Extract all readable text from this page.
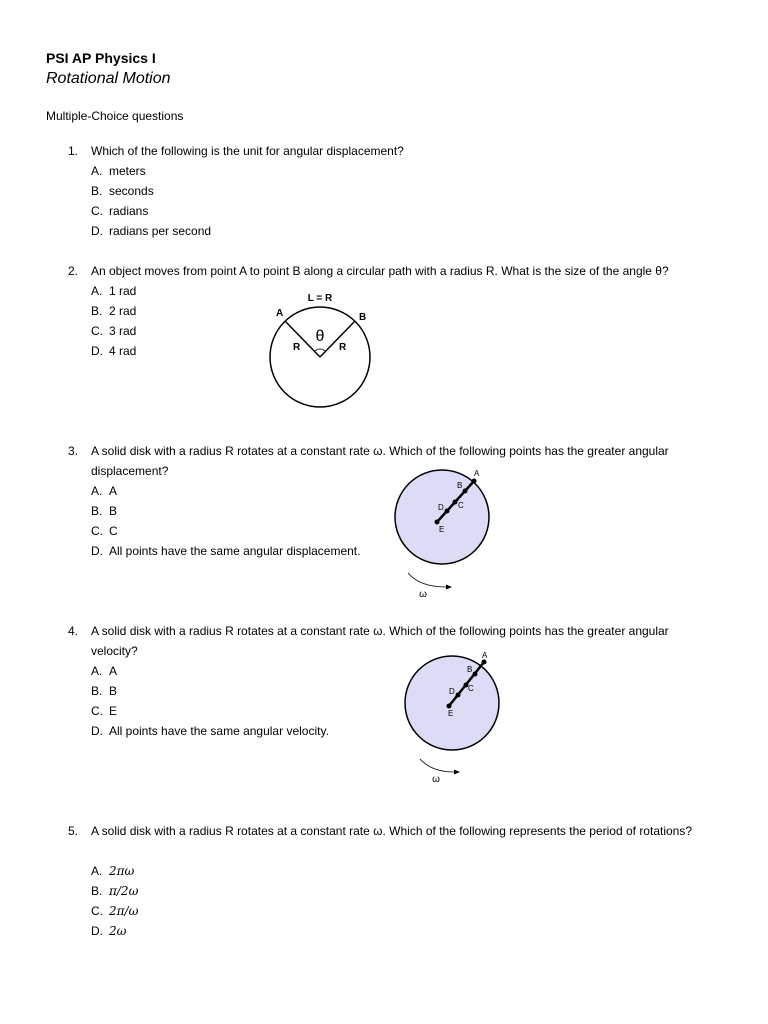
PSI AP Physics I
Rotational Motion
Multiple-Choice questions
1. Which of the following is the unit for angular displacement?
A. meters
B. seconds
C. radians
D. radians per second
2. An object moves from point A to point B along a circular path with a radius R. What is the size of the angle θ?
A. 1 rad
B. 2 rad
C. 3 rad
D. 4 rad
L = R
A	B
R	R
θ
3. A solid disk with a radius R rotates at a constant rate ω. Which of the following points has the greater angular displacement?
A. A
B. B
C. C
D. All points have the same angular displacement.
A
B
C
D
E
ω
4. A solid disk with a radius R rotates at a constant rate ω. Which of the following points has the greater angular velocity?
A. A
B. B
C. E
D. All points have the same angular velocity.
A
B
C
D
E
ω
5. A solid disk with a radius R rotates at a constant rate ω. Which of the following represents the period of rotations?
A. 2πω
B. π/2ω
C. 2π/ω
D. 2ω
